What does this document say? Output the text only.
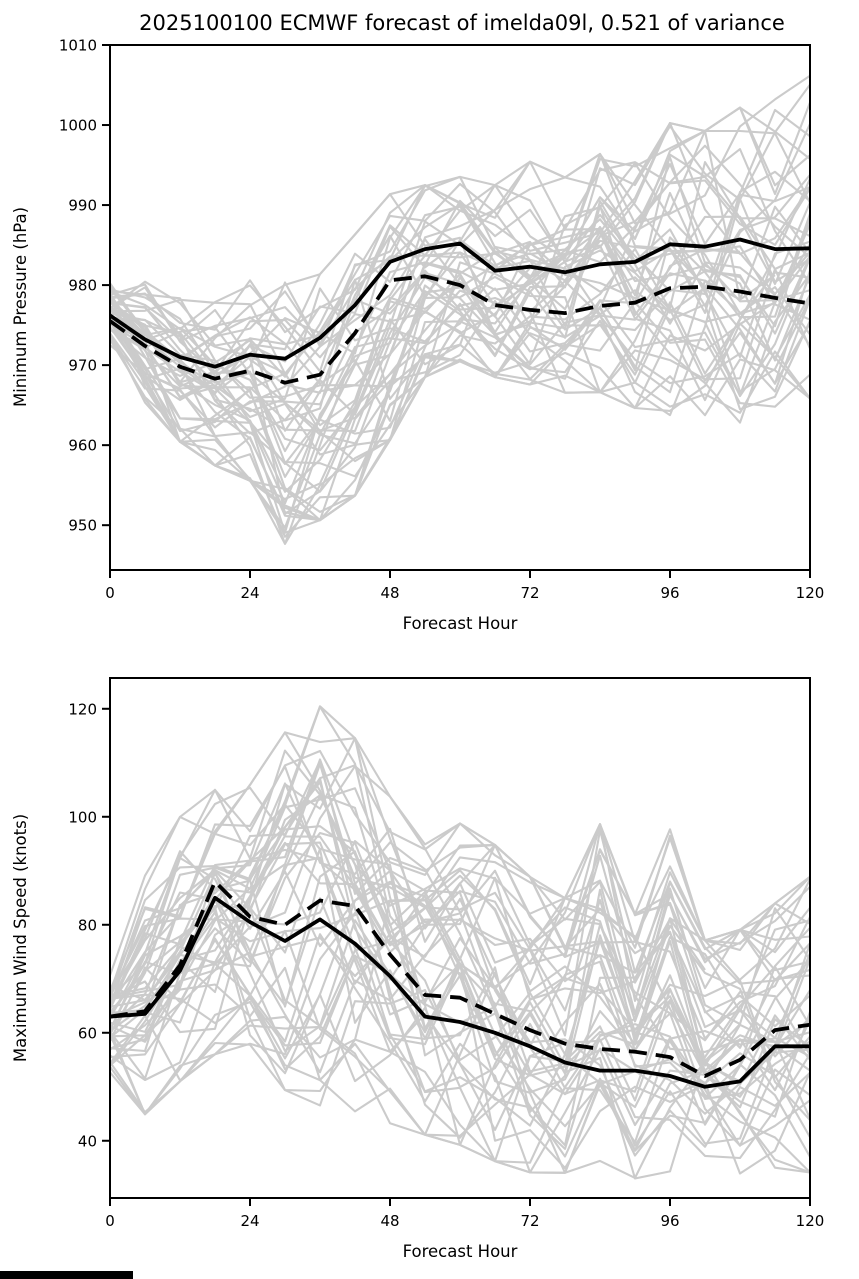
2025100100 ECMWF forecast of imelda09l, 0.521 of variance
950
960
970
980
990
1000
1010
0	24	48	72	96	120
Forecast Hour
Minimum Pressure (hPa)
40
60
80
100
120
0	24	48	72	96	120
Forecast Hour
Maximum Wind Speed (knots)
